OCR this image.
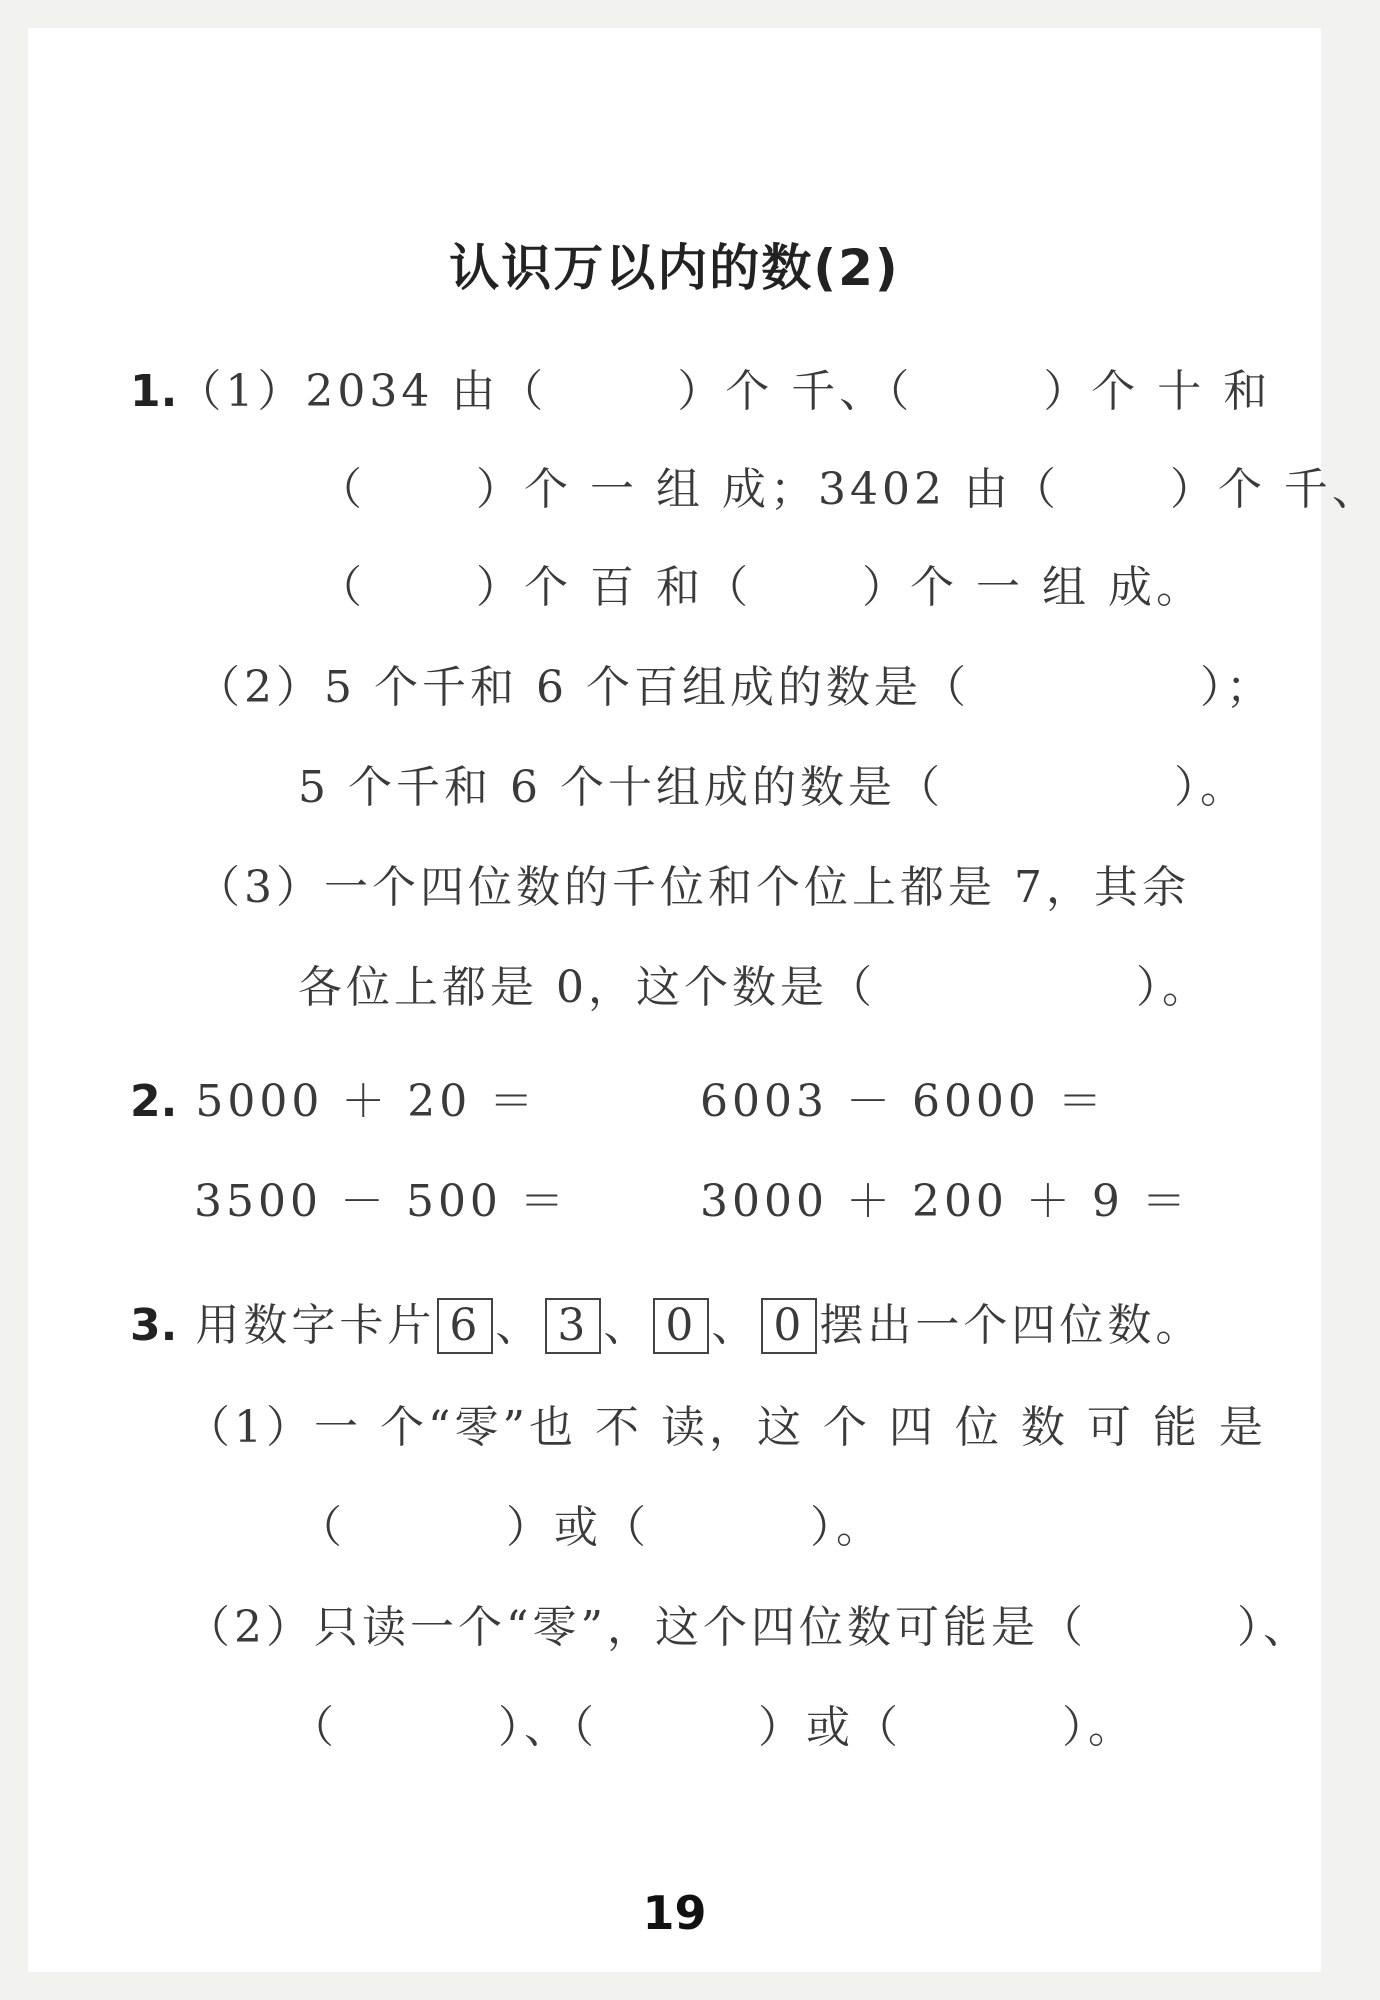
认识万以内的数(2)
1.（1）2034 由（	）个 千、（	）个 十 和
（	）个 一 组 成；3402 由（	）个 千、
（	）个 百 和（	）个 一 组 成。
（2）5 个千和 6 个百组成的数是（	）；
5 个千和 6 个十组成的数是（	）。
（3）一个四位数的千位和个位上都是 7，其余
各位上都是 0，这个数是（	）。
2. 5000 ＋ 20 ＝	6003 － 6000 ＝
3500 － 500 ＝	3000 ＋ 200 ＋ 9 ＝
3. 用数字卡片 6 、 3 、 0 、 0 摆出一个四位数。
（1）一 个“零”也 不 读，这 个 四 位 数 可 能 是
（	）或（	）。
（2）只读一个“零”，这个四位数可能是（	）、
（	）、（	）或（	）。
19
